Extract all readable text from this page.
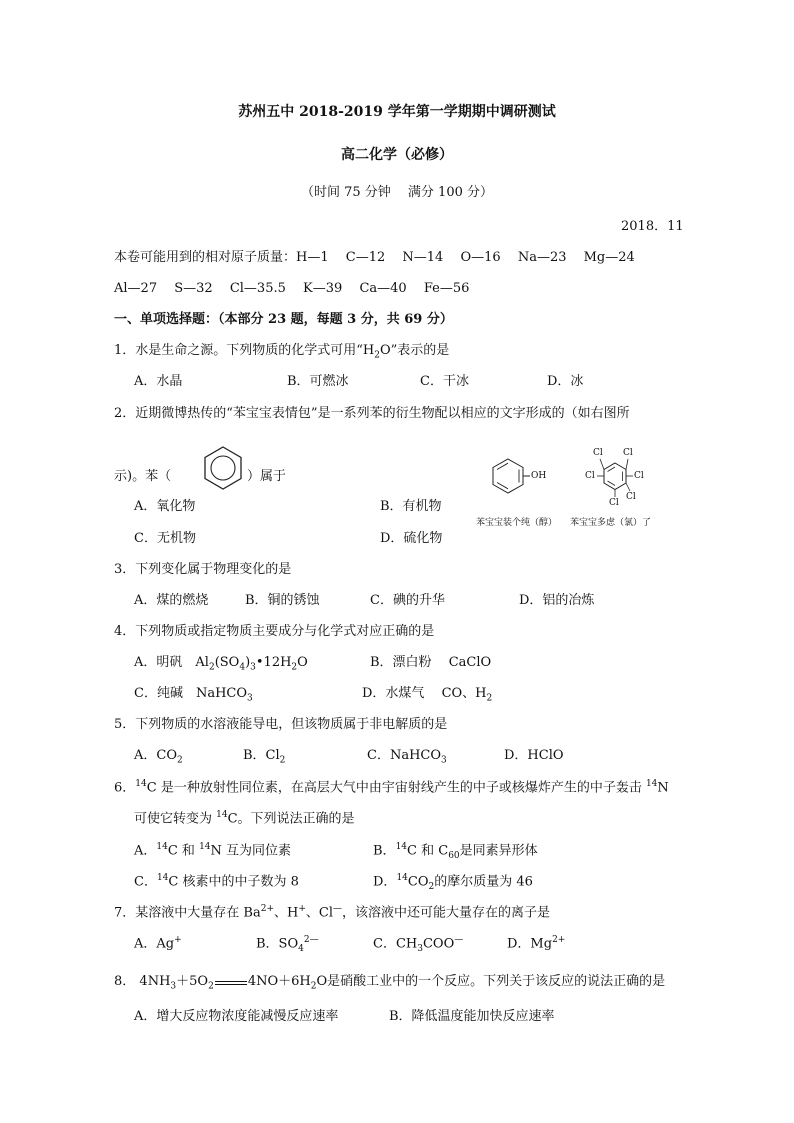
苏州五中 2018-2019 学年第一学期期中调研测试
高二化学（必修）
（时间 75 分钟　 满分 100 分）
2018．11
本卷可能用到的相对原子质量：H—1　 C—12　 N—14　 O—16　 Na—23　 Mg—24
Al—27　 S—32　 Cl—35.5　 K—39　 Ca—40　 Fe—56
一、单项选择题：（本部分 23 题，每题 3 分，共 69 分）
1．水是生命之源。下列物质的化学式可用“$H_2O$”表示的是
A．水晶	B．可燃冰	C．干冰	D．冰
2．近期微博热传的“苯宝宝表情包”是一系列苯的衍生物配以相应的文字形成的（如右图所
示)。苯（	）属于
A．氧化物	B．有机物
C．无机物	D．硫化物
OH
Cl Cl
Cl
Cl
Cl
Cl
苯宝宝装个纯（醇） 苯宝宝多虑（氯）了
3．下列变化属于物理变化的是
A．煤的燃烧	B．铜的锈蚀	C．碘的升华	D．铝的冶炼
4．下列物质或指定物质主要成分与化学式对应正确的是
A．明矾　 $Al_2(SO_4)_3•12H_2O$	B．漂白粉　 CaClO
C．纯碱　 NaHCO$_3$	D．水煤气　 CO、$H_2$
5．下列物质的水溶液能导电，但该物质属于非电解质的是
A．$CO_2$	B．$Cl_2$	C．NaHCO$_3$	D．HClO
6．$^{14}$C 是一种放射性同位素，在高层大气中由宇宙射线产生的中子或核爆炸产生的中子轰击 $^{14}$N
可使它转变为 $^{14}$C。下列说法正确的是
A．$^{14}$C 和 $^{14}$N 互为同位素	B．$^{14}$C 和 $C_{60}$是同素异形体
C．$^{14}$C 核素中的中子数为 8	D．$^{14}CO_2$的摩尔质量为 46
7．某溶液中大量存在 $Ba^{2+}$、H+、Cl—，该溶液中还可能大量存在的离子是
A．Ag+	B．$SO_4^{2—}$	C．$CH_3COO^—$	D．$Mg^{2+}$
8． $4NH_3+5O_2$	$4NO+6H_2O$是硝酸工业中的一个反应。下列关于该反应的说法正确的是
A．增大反应物浓度能减慢反应速率	B．降低温度能加快反应速率
